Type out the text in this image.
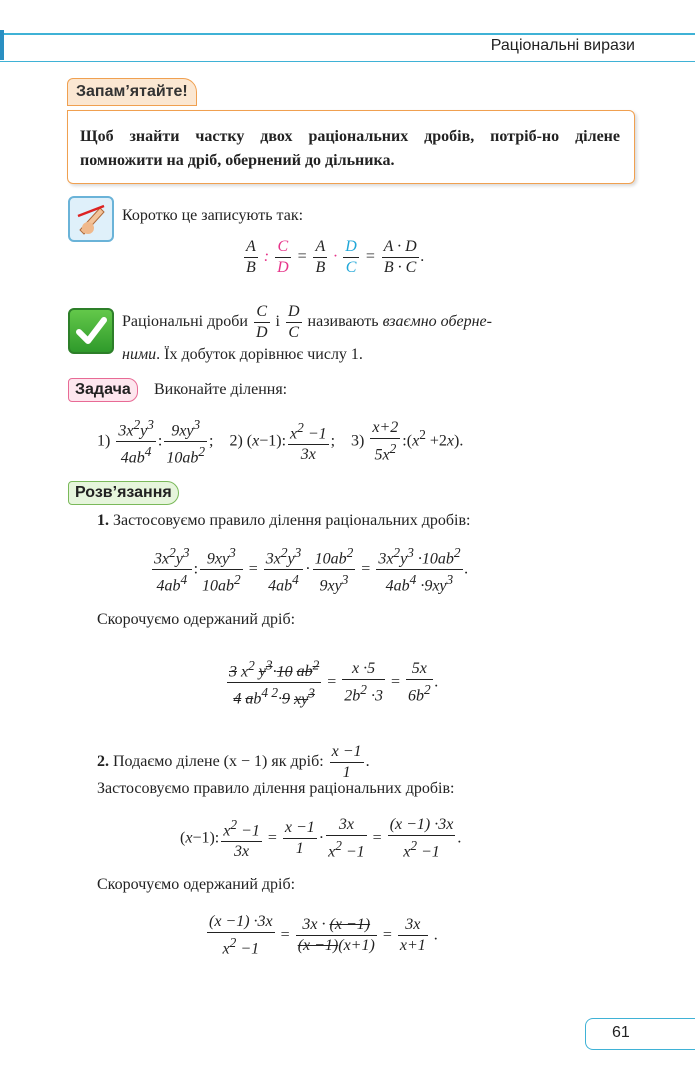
Раціональні вирази
Запам’ятайте!
Щоб знайти частку двох раціональних дробів, потріб-но ділене помножити на дріб, обернений до дільника.
Коротко це записують так:
$\frac{A}{B}$ : $\frac{C}{D} = \frac{A}{B} \cdot \frac{D}{C} = \frac{A \cdot D}{B \cdot C}$ .
Раціональні дроби $\frac{C}{D}$ і $\frac{D}{C}$ називають взаємно оберне-
ними. Їх добуток дорівнює числу 1.
Задача	Виконайте ділення:
$1) \frac{3x^2y^3}{4ab^4}$ : $\frac{9xy^3}{10ab^2}$ ;    2) (x−1): $\frac{x^2 -1}{3x}$ ;    $3) \frac{x+2}{5x^2}$ $:(x^2 +2x)$.
Розв’язання
1. Застосовуємо правило ділення раціональних дробів:
$\frac{3x^2y^3}{4ab^4}$ : $\frac{9xy^3}{10ab^2} = \frac{3x^2y^3}{4ab^4} \cdot \frac{10ab^2}{9xy^3} = \frac{3x^2y^3 \cdot 10ab^2}{4ab^4 \cdot 9xy^3}$ .
Скорочуємо одержаний дріб:
$\frac{3 x^2 y^3\cdot 10 ab^2}{4 ab^{4 2}\cdot 9 xy^3} = \frac{x \cdot 5}{2b^2 \cdot 3} = \frac{5x}{6b^2}$ .
2. Подаємо ділене (x − 1) як дріб: $\frac{x -1}{1}$ .
Застосовуємо правило ділення раціональних дробів:
(x−1): $\frac{x^2 -1}{3x} = \frac{x -1}{1} \cdot \frac{3x}{x^2 -1} = \frac{(x -1) \cdot 3x}{x^2 -1}$ .
Скорочуємо одержаний дріб:
$\frac{(x -1) \cdot 3x}{x^2 -1} = \frac{3x \cdot (x -1)}{(x -1)(x+1)} = \frac{3x}{x+1}$ .
61
